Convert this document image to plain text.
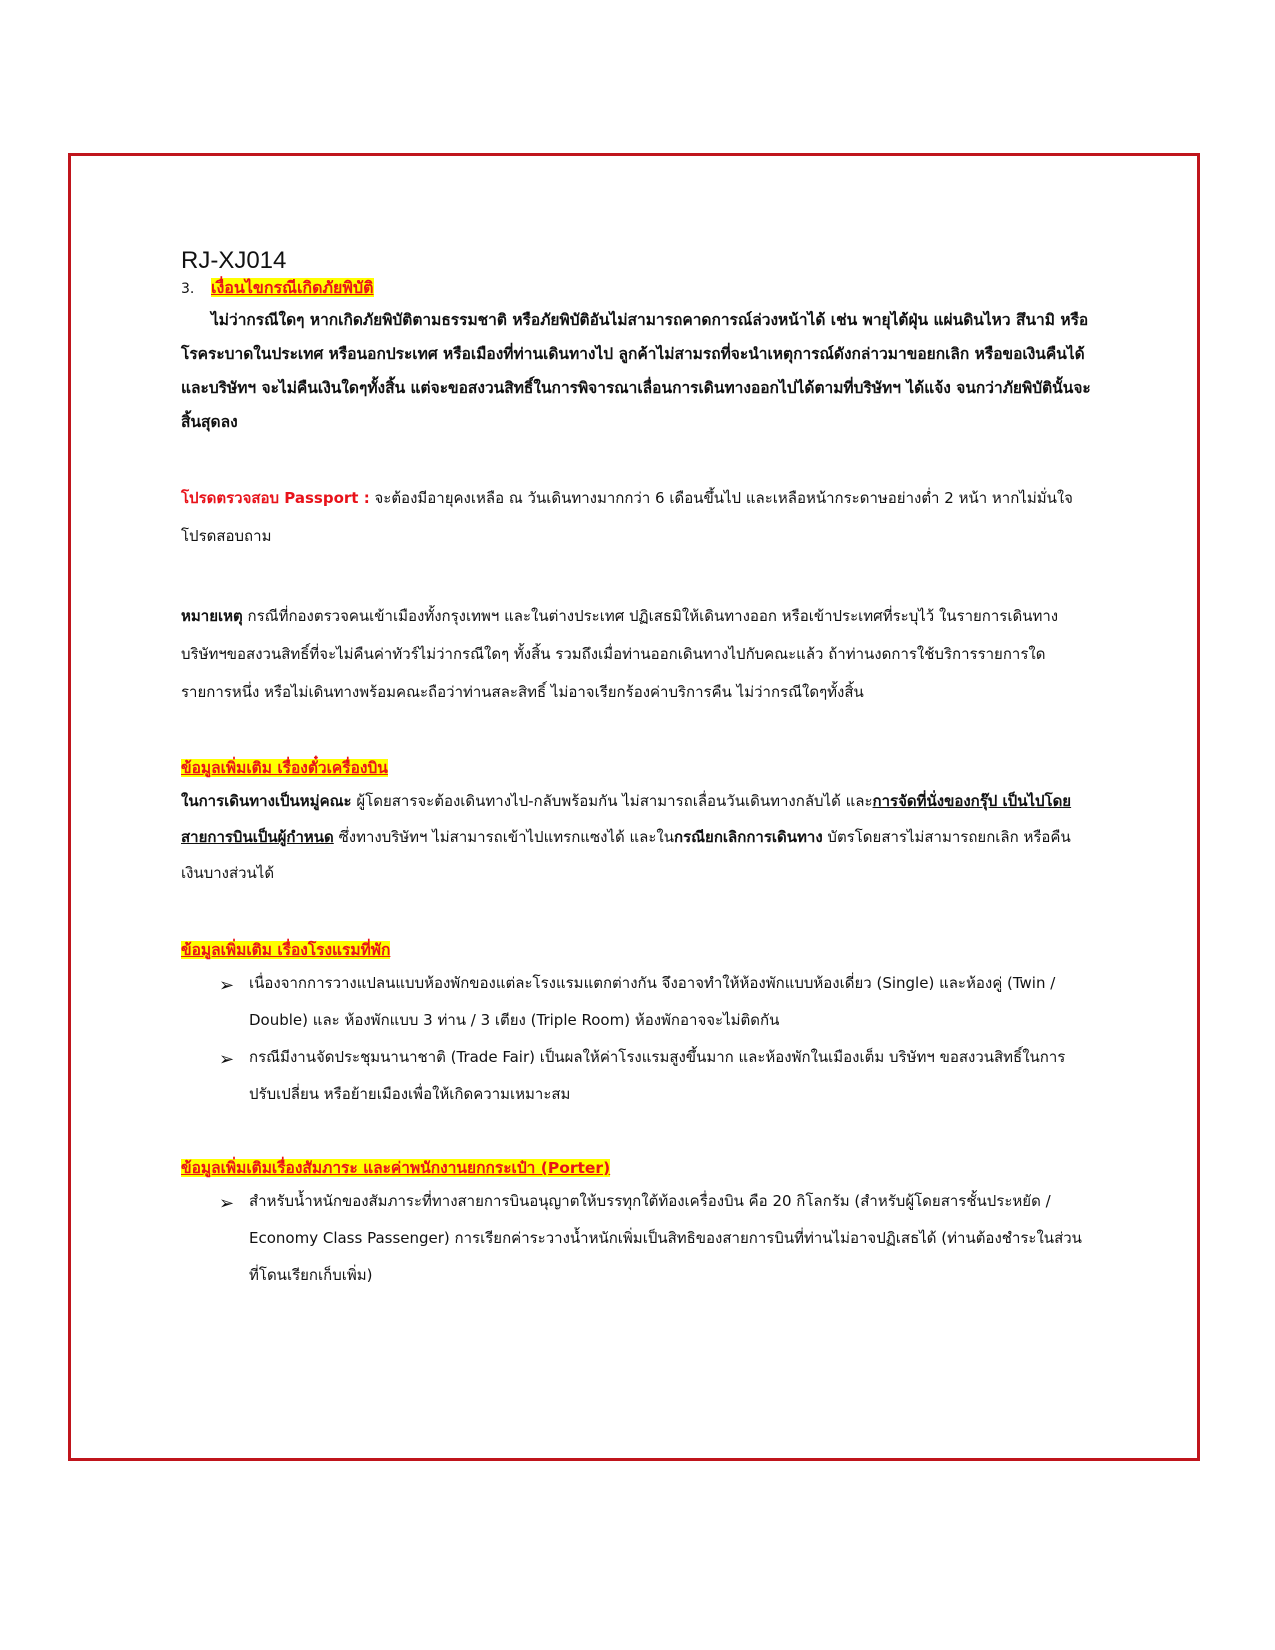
RJ-XJ014
3. เงื่อนไขกรณีเกิดภัยพิบัติ

ไม่ว่ากรณีใดๆ หากเกิดภัยพิบัติตามธรรมชาติ หรือภัยพิบัติอันไม่สามารถคาดการณ์ล่วงหน้าได้ เช่น พายุไต้ฝุ่น แผ่นดินไหว สึนามิ หรือโรคระบาดในประเทศ หรือนอกประเทศ หรือเมืองที่ท่านเดินทางไป ลูกค้าไม่สามรถที่จะนำเหตุการณ์ดังกล่าวมาขอยกเลิก หรือขอเงินคืนได้ และบริษัทฯ จะไม่คืนเงินใดๆทั้งสิ้น แต่จะขอสงวนสิทธิ์ในการพิจารณาเลื่อนการเดินทางออกไปได้ตามที่บริษัทฯ ได้แจ้ง จนกว่าภัยพิบัตินั้นจะสิ้นสุดลง

โปรดตรวจสอบ Passport : จะต้องมีอายุคงเหลือ ณ วันเดินทางมากกว่า 6 เดือนขึ้นไป และเหลือหน้ากระดาษอย่างต่ำ 2 หน้า หากไม่มั่นใจโปรดสอบถาม

หมายเหตุ กรณีที่กองตรวจคนเข้าเมืองทั้งกรุงเทพฯ และในต่างประเทศ ปฏิเสธมิให้เดินทางออก หรือเข้าประเทศที่ระบุไว้ ในรายการเดินทาง บริษัทฯขอสงวนสิทธิ์ที่จะไม่คืนค่าทัวร์ไม่ว่ากรณีใดๆ ทั้งสิ้น รวมถึงเมื่อท่านออกเดินทางไปกับคณะแล้ว ถ้าท่านงดการใช้บริการรายการใดรายการหนึ่ง หรือไม่เดินทางพร้อมคณะถือว่าท่านสละสิทธิ์ ไม่อาจเรียกร้องค่าบริการคืน ไม่ว่ากรณีใดๆทั้งสิ้น

ข้อมูลเพิ่มเติม เรื่องตั๋วเครื่องบิน

ในการเดินทางเป็นหมู่คณะ ผู้โดยสารจะต้องเดินทางไป-กลับพร้อมกัน ไม่สามารถเลื่อนวันเดินทางกลับได้ และการจัดที่นั่งของกรุ๊ป เป็นไปโดยสายการบินเป็นผู้กำหนด ซึ่งทางบริษัทฯ ไม่สามารถเข้าไปแทรกแซงได้ และในกรณียกเลิกการเดินทาง บัตรโดยสารไม่สามารถยกเลิก หรือคืนเงินบางส่วนได้

ข้อมูลเพิ่มเติม เรื่องโรงแรมที่พัก

➢ เนื่องจากการวางแปลนแบบห้องพักของแต่ละโรงแรมแตกต่างกัน จึงอาจทำให้ห้องพักแบบห้องเดี่ยว (Single) และห้องคู่ (Twin / Double) และ ห้องพักแบบ 3 ท่าน / 3 เตียง (Triple Room) ห้องพักอาจจะไม่ติดกัน
➢ กรณีมีงานจัดประชุมนานาชาติ (Trade Fair) เป็นผลให้ค่าโรงแรมสูงขึ้นมาก และห้องพักในเมืองเต็ม บริษัทฯ ขอสงวนสิทธิ์ในการปรับเปลี่ยน หรือย้ายเมืองเพื่อให้เกิดความเหมาะสม

ข้อมูลเพิ่มเติมเรื่องสัมภาระ และค่าพนักงานยกกระเป๋า (Porter)

➢ สำหรับน้ำหนักของสัมภาระที่ทางสายการบินอนุญาตให้บรรทุกใต้ท้องเครื่องบิน คือ 20 กิโลกรัม (สำหรับผู้โดยสารชั้นประหยัด / Economy Class Passenger) การเรียกค่าระวางน้ำหนักเพิ่มเป็นสิทธิของสายการบินที่ท่านไม่อาจปฏิเสธได้ (ท่านต้องชำระในส่วนที่โดนเรียกเก็บเพิ่ม)
